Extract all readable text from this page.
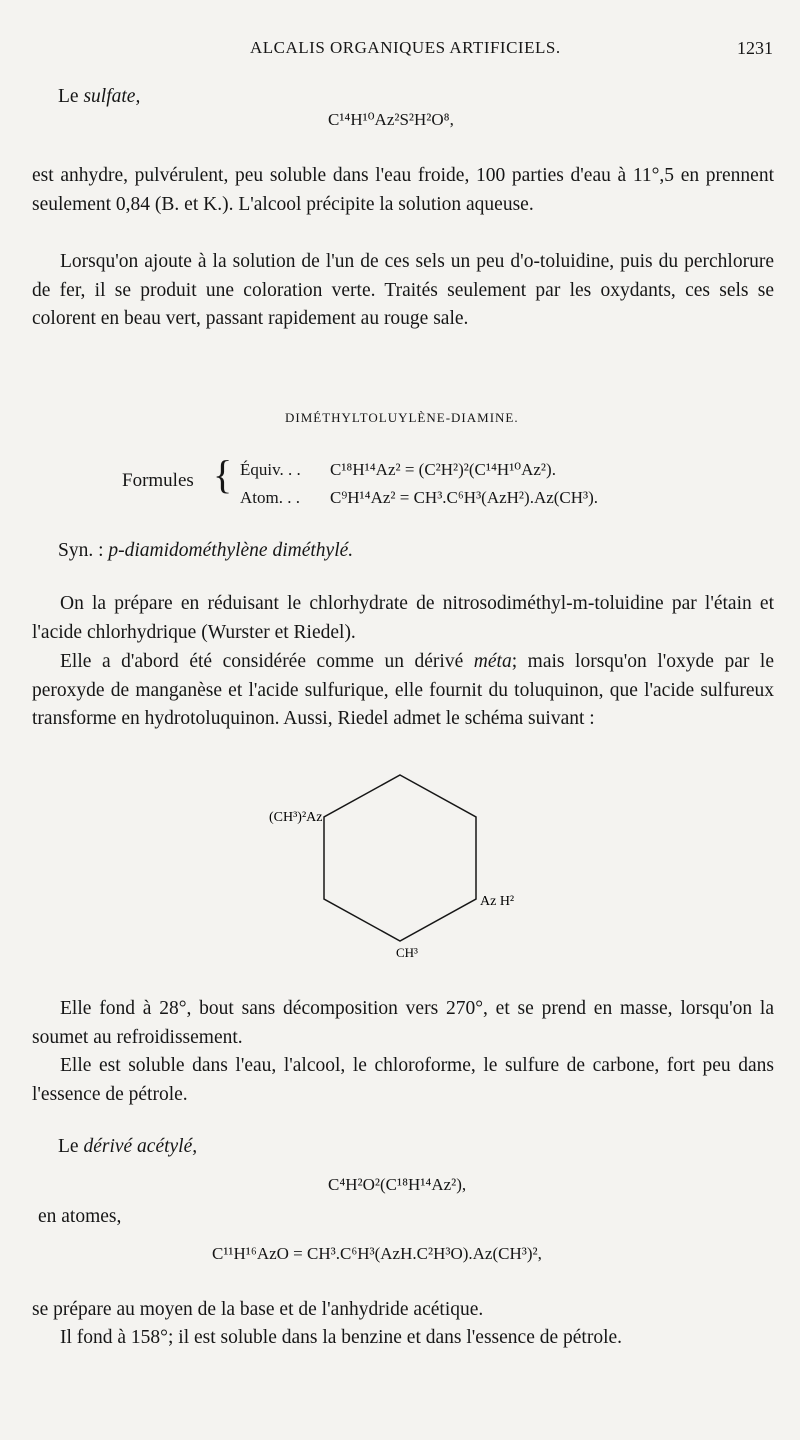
ALCALIS ORGANIQUES ARTIFICIELS.	1231
Le sulfate,
C¹⁴H¹⁰Az²S²H²O⁸,
est anhydre, pulvérulent, peu soluble dans l'eau froide, 100 parties d'eau à 11°,5 en prennent seulement 0,84 (B. et K.). L'alcool précipite la solution aqueuse.
Lorsqu'on ajoute à la solution de l'un de ces sels un peu d'o-toluidine, puis du perchlorure de fer, il se produit une coloration verte. Traités seulement par les oxydants, ces sels se colorent en beau vert, passant rapidement au rouge sale.
DIMÉTHYLTOLUYLÈNE-DIAMINE.
Formules { Équiv. . . C¹⁸H¹⁴Az² = (C²H²)²(C¹⁴H¹⁰Az²).
Atom. . . C⁹H¹⁴Az² = CH³.C⁶H³(AzH²).Az(CH³).
Syn. : p-diamidométhylène diméthylé.
On la prépare en réduisant le chlorhydrate de nitrosodiméthyl-m-toluidine par l'étain et l'acide chlorhydrique (Wurster et Riedel).
Elle a d'abord été considérée comme un dérivé méta; mais lorsqu'on l'oxyde par le peroxyde de manganèse et l'acide sulfurique, elle fournit du toluquinon, que l'acide sulfureux transforme en hydrotoluquinon. Aussi, Riedel admet le schéma suivant :
(CH³)²Az
Az H²
CH³
Elle fond à 28°, bout sans décomposition vers 270°, et se prend en masse, lorsqu'on la soumet au refroidissement.
Elle est soluble dans l'eau, l'alcool, le chloroforme, le sulfure de carbone, fort peu dans l'essence de pétrole.
Le dérivé acétylé,
C⁴H²O²(C¹⁸H¹⁴Az²),
en atomes,
C¹¹H¹⁶AzO = CH³.C⁶H³(AzH.C²H³O).Az(CH³)²,
se prépare au moyen de la base et de l'anhydride acétique.
Il fond à 158°; il est soluble dans la benzine et dans l'essence de pétrole.
